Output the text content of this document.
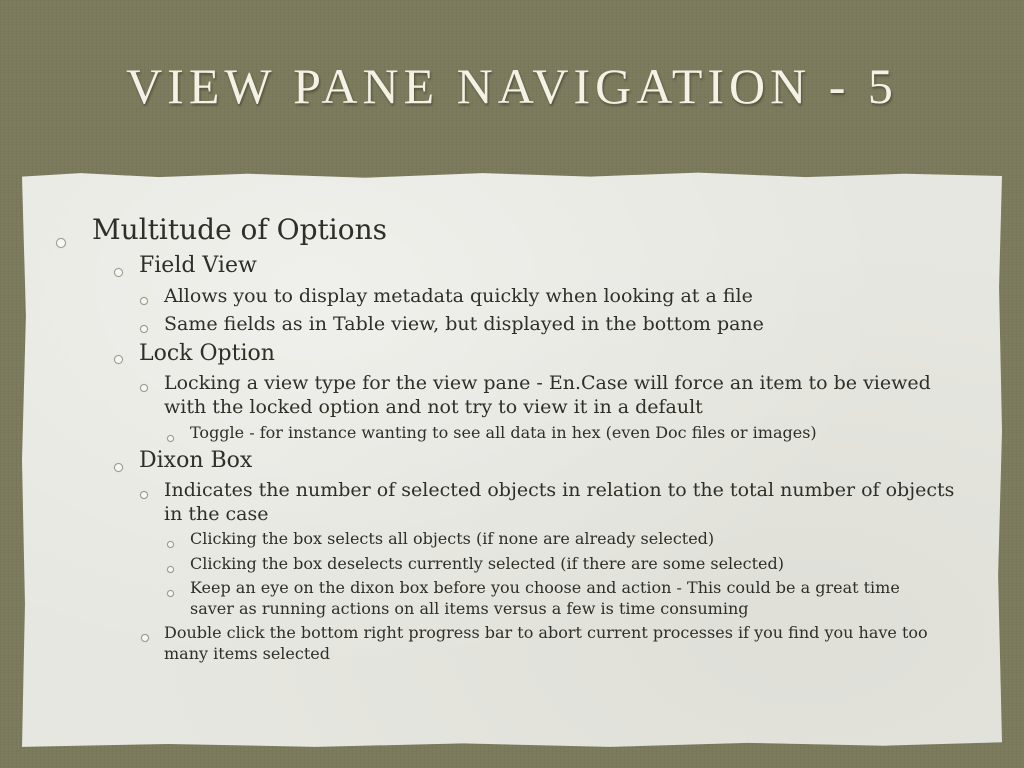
VIEW PANE NAVIGATION - 5

Multitude of Options

Field View

Allows you to display metadata quickly when looking at a file

Same fields as in Table view, but displayed in the bottom pane

Lock Option

Locking a view type for the view pane - En.Case will force an item to be viewed

with the locked option and not try to view it in a default

Toggle - for instance wanting to see all data in hex (even Doc files or images)

Dixon Box

Indicates the number of selected objects in relation to the total number of objects

in the case

Clicking the box selects all objects (if none are already selected)

Clicking the box deselects currently selected (if there are some selected)

Keep an eye on the dixon box before you choose and action - This could be a great time

saver as running actions on all items versus a few is time consuming

Double click the bottom right progress bar to abort current processes if you find you have too

many items selected
